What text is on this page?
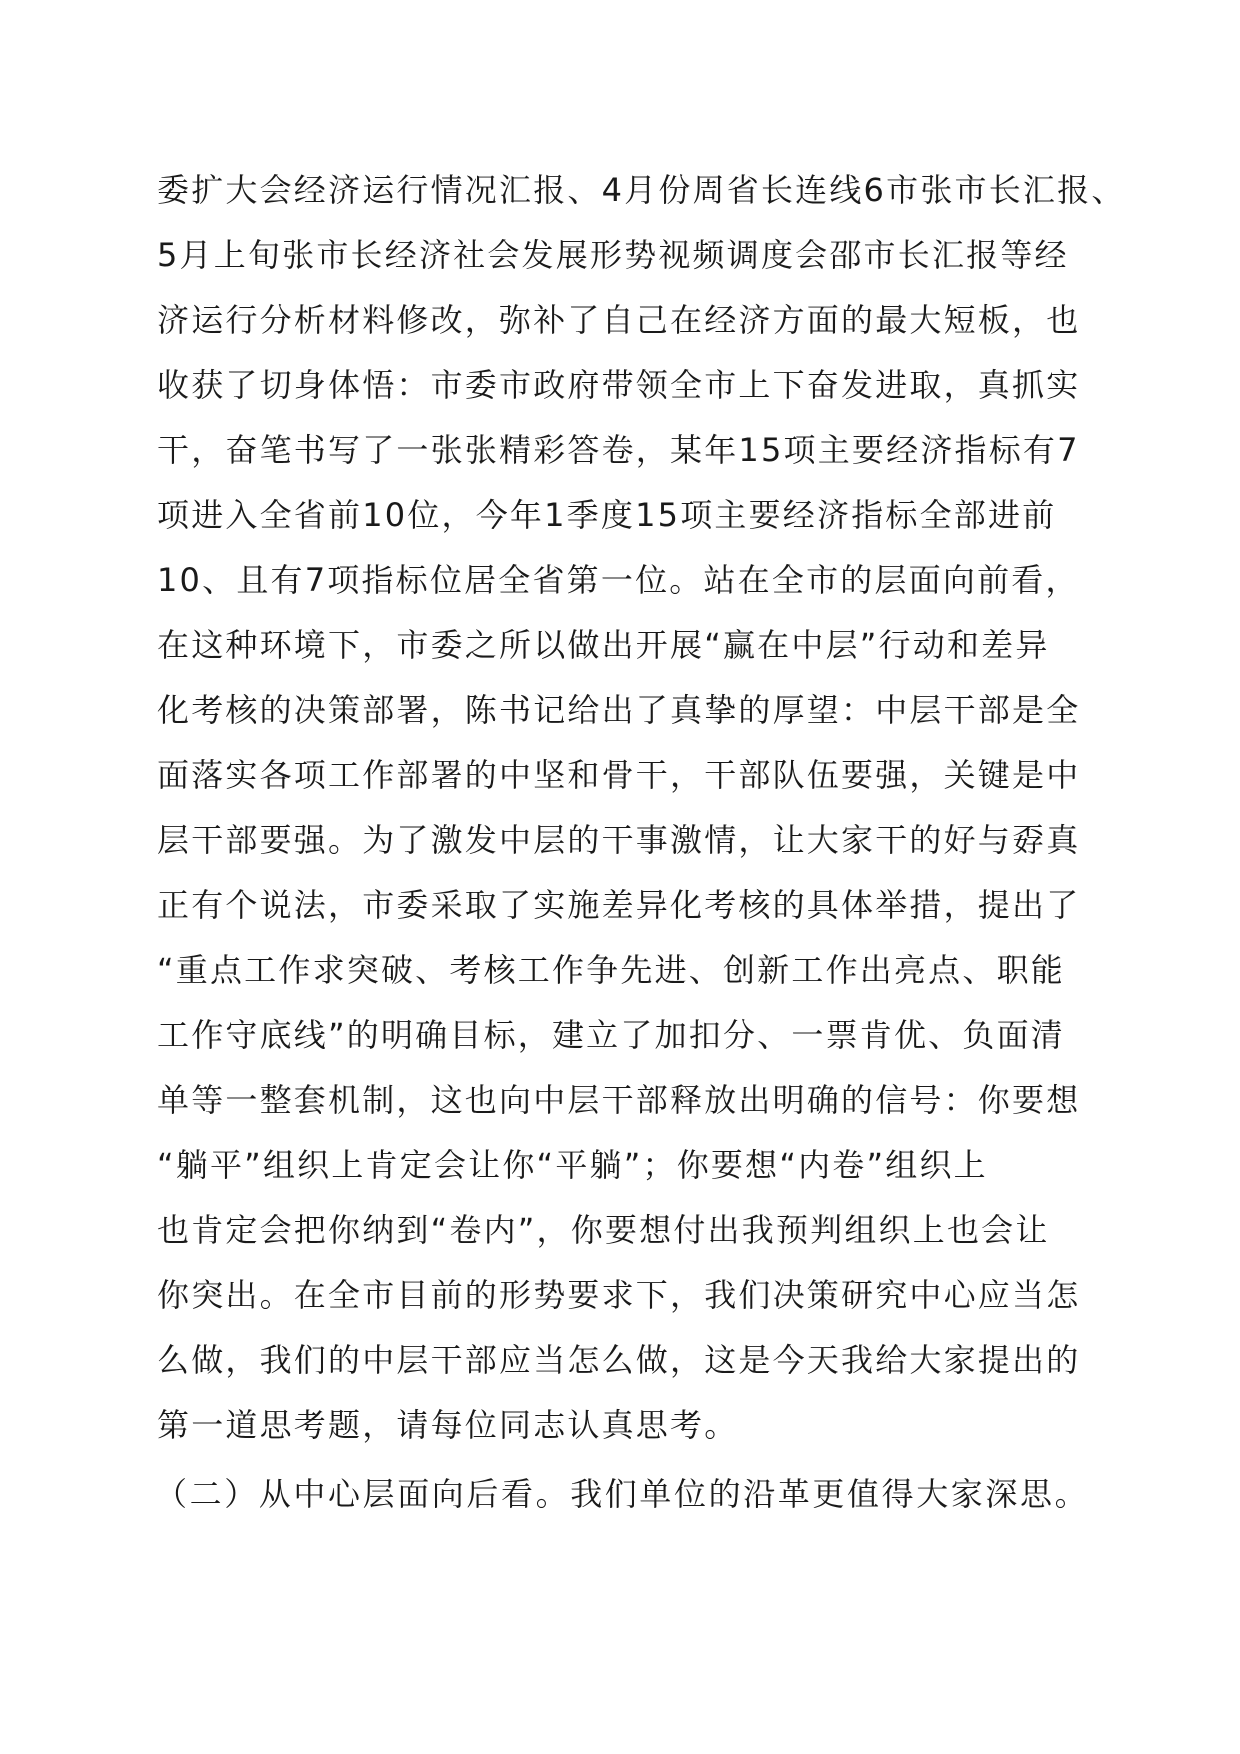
委扩大会经济运行情况汇报、4月份周省长连线6市张市长汇报、
5月上旬张市长经济社会发展形势视频调度会邵市长汇报等经
济运行分析材料修改，弥补了自己在经济方面的最大短板，也
收获了切身体悟：市委市政府带领全市上下奋发进取，真抓实
干，奋笔书写了一张张精彩答卷，某年15项主要经济指标有7
项进入全省前10位，今年1季度15项主要经济指标全部进前
10、且有7项指标位居全省第一位。站在全市的层面向前看，
在这种环境下，市委之所以做出开展“赢在中层”行动和差异
化考核的决策部署，陈书记给出了真挚的厚望：中层干部是全
面落实各项工作部署的中坚和骨干，干部队伍要强，关键是中
层干部要强。为了激发中层的干事激情，让大家干的好与孬真
正有个说法，市委采取了实施差异化考核的具体举措，提出了
“重点工作求突破、考核工作争先进、创新工作出亮点、职能
工作守底线”的明确目标，建立了加扣分、一票肯优、负面清
单等一整套机制，这也向中层干部释放出明确的信号：你要想
“躺平”组织上肯定会让你“平躺”；你要想“内卷”组织上
也肯定会把你纳到“卷内”，你要想付出我预判组织上也会让
你突出。在全市目前的形势要求下，我们决策研究中心应当怎
么做，我们的中层干部应当怎么做，这是今天我给大家提出的
第一道思考题，请每位同志认真思考。
（二）从中心层面向后看。我们单位的沿革更值得大家深思。
